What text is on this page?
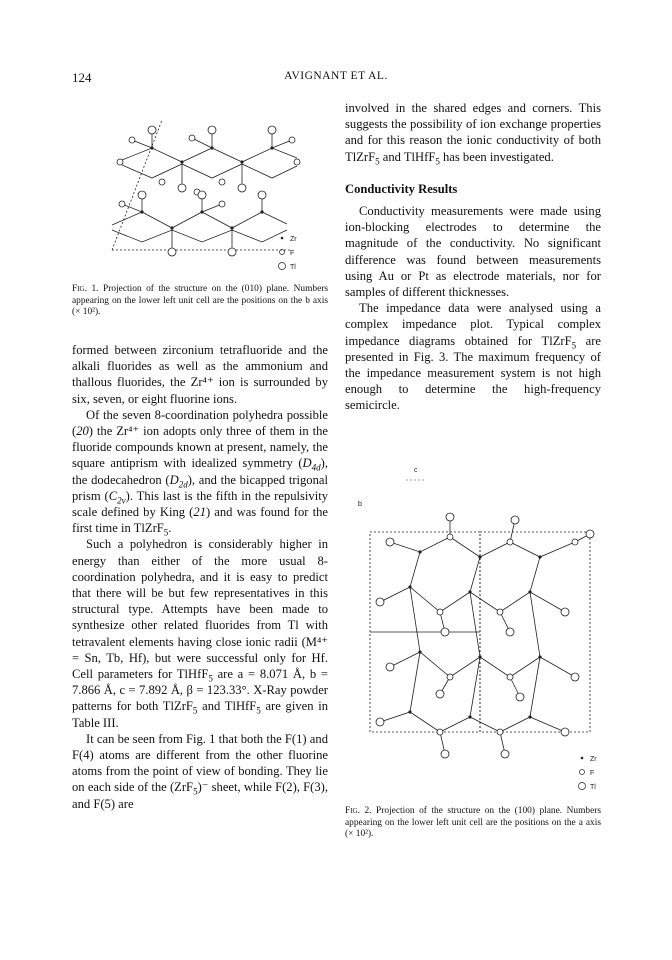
124	AVIGNANT ET AL.
Zr
F
Tl
Fig. 1. Projection of the structure on the (010) plane. Numbers appearing on the lower left unit cell are the positions on the b axis (× 10²).

formed between zirconium tetrafluoride and the alkali fluorides as well as the ammonium and thallous fluorides, the Zr⁴⁺ ion is surrounded by six, seven, or eight fluorine ions.

Of the seven 8-coordination polyhedra possible (20) the Zr⁴⁺ ion adopts only three of them in the fluoride compounds known at present, namely, the square antiprism with idealized symmetry $(D_{4d})$, the dodecahedron $(D_{2d})$, and the bicapped trigonal prism $(C_{2v})$. This last is the fifth in the repulsivity scale defined by King (21) and was found for the first time in TlZrF$_5$.

Such a polyhedron is considerably higher in energy than either of the more usual 8-coordination polyhedra, and it is easy to predict that there will be but few representatives in this structural type. Attempts have been made to synthesize other related fluorides from Tl with tetravalent elements having close ionic radii (M⁴⁺ = Sn, Tb, Hf), but were successful only for Hf. Cell parameters for TlHfF$_5$ are a = 8.071 Å, b = 7.866 Å, c = 7.892 Å, β = 123.33°. X-Ray powder patterns for both TlZrF$_5$ and TlHfF$_5$ are given in Table III.

It can be seen from Fig. 1 that both the F(1) and F(4) atoms are different from the other fluorine atoms from the point of view of bonding. They lie on each side of the (ZrF$_5$)⁻ sheet, while F(2), F(3), and F(5) are

involved in the shared edges and corners. This suggests the possibility of ion exchange properties and for this reason the ionic conductivity of both TlZrF$_5$ and TlHfF$_5$ has been investigated.

Conductivity Results

Conductivity measurements were made using ion-blocking electrodes to determine the magnitude of the conductivity. No significant difference was found between measurements using Au or Pt as electrode materials, nor for samples of different thicknesses.

The impedance data were analysed using a complex impedance plot. Typical complex impedance diagrams obtained for TlZrF$_5$ are presented in Fig. 3. The maximum frequency of the impedance measurement system is not high enough to determine the high-frequency semicircle.

c
b
Zr
F
Tl
Fig. 2. Projection of the structure on the (100) plane. Numbers appearing on the lower left unit cell are the positions on the a axis (× 10²).
